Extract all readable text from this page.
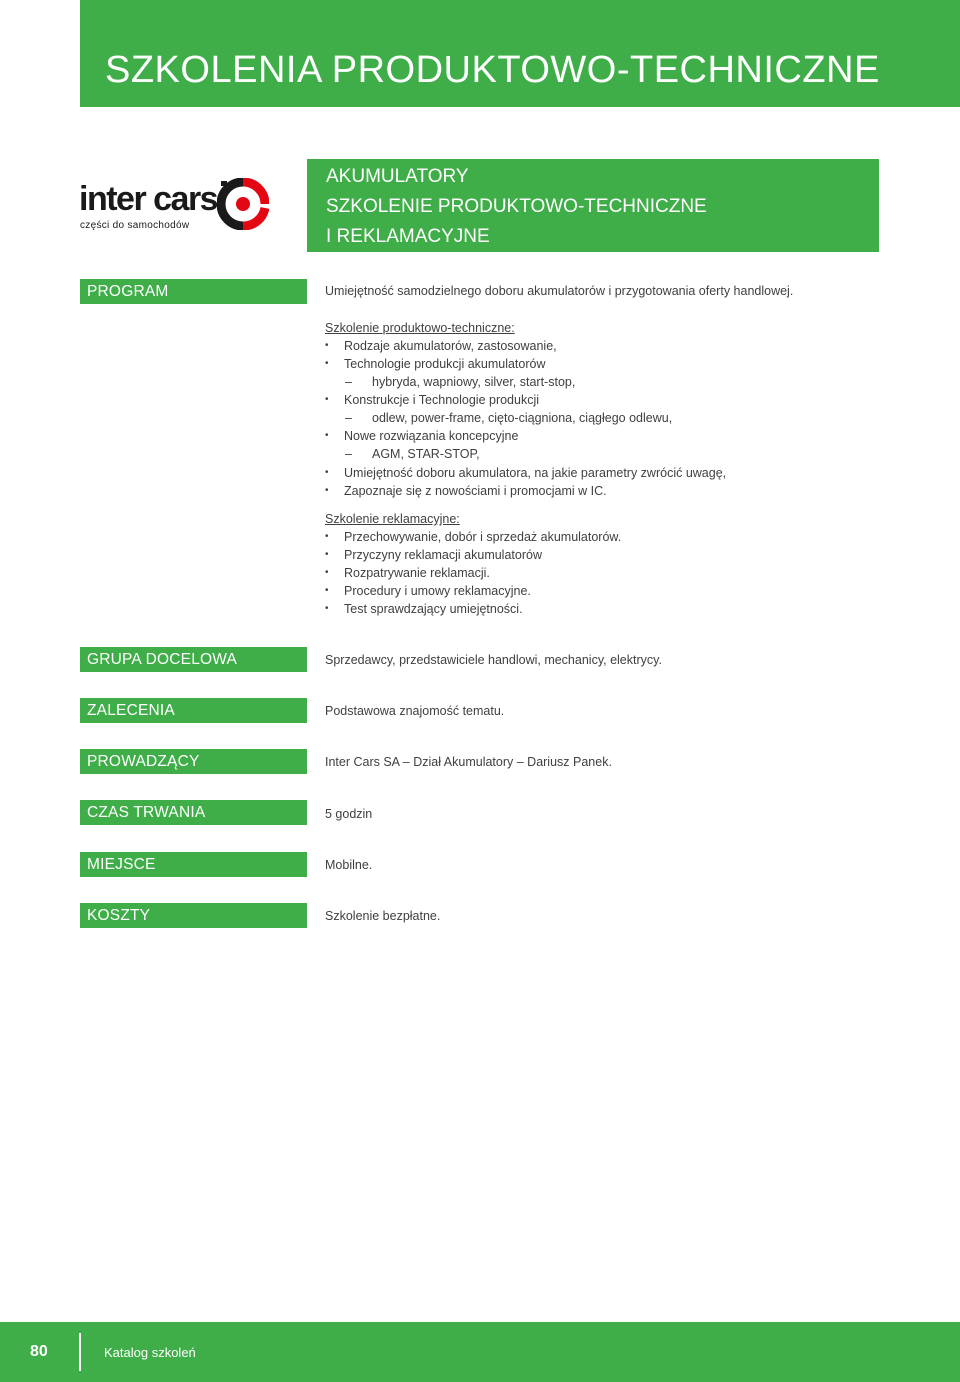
SZKOLENIA PRODUKTOWO-TECHNICZNE
inter cars
części do samochodów

AKUMULATORY

SZKOLENIE PRODUKTOWO-TECHNICZNE

I REKLAMACYJNE

PROGRAM	Umiejętność samodzielnego doboru akumulatorów i przygotowania oferty handlowej.
Szkolenie produktowo-techniczne:
• Rodzaje akumulatorów, zastosowanie,
• Technologie produkcji akumulatorów
– hybryda, wapniowy, silver, start-stop,
• Konstrukcje i Technologie produkcji
– odlew, power-frame, cięto-ciągniona, ciągłego odlewu,
• Nowe rozwiązania koncepcyjne
– AGM, STAR-STOP,
• Umiejętność doboru akumulatora, na jakie parametry zwrócić uwagę,
• Zapoznaje się z nowościami i promocjami w IC.
Szkolenie reklamacyjne:
• Przechowywanie, dobór i sprzedaż akumulatorów.
• Przyczyny reklamacji akumulatorów
• Rozpatrywanie reklamacji.
• Procedury i umowy reklamacyjne.
• Test sprawdzający umiejętności.
GRUPA DOCELOWA	Sprzedawcy, przedstawiciele handlowi, mechanicy, elektrycy.
ZALECENIA	Podstawowa znajomość tematu.
PROWADZĄCY	Inter Cars SA – Dział Akumulatory – Dariusz Panek.
CZAS TRWANIA	5 godzin
MIEJSCE	Mobilne.
KOSZTY	Szkolenie bezpłatne.
80	Katalog szkoleń
